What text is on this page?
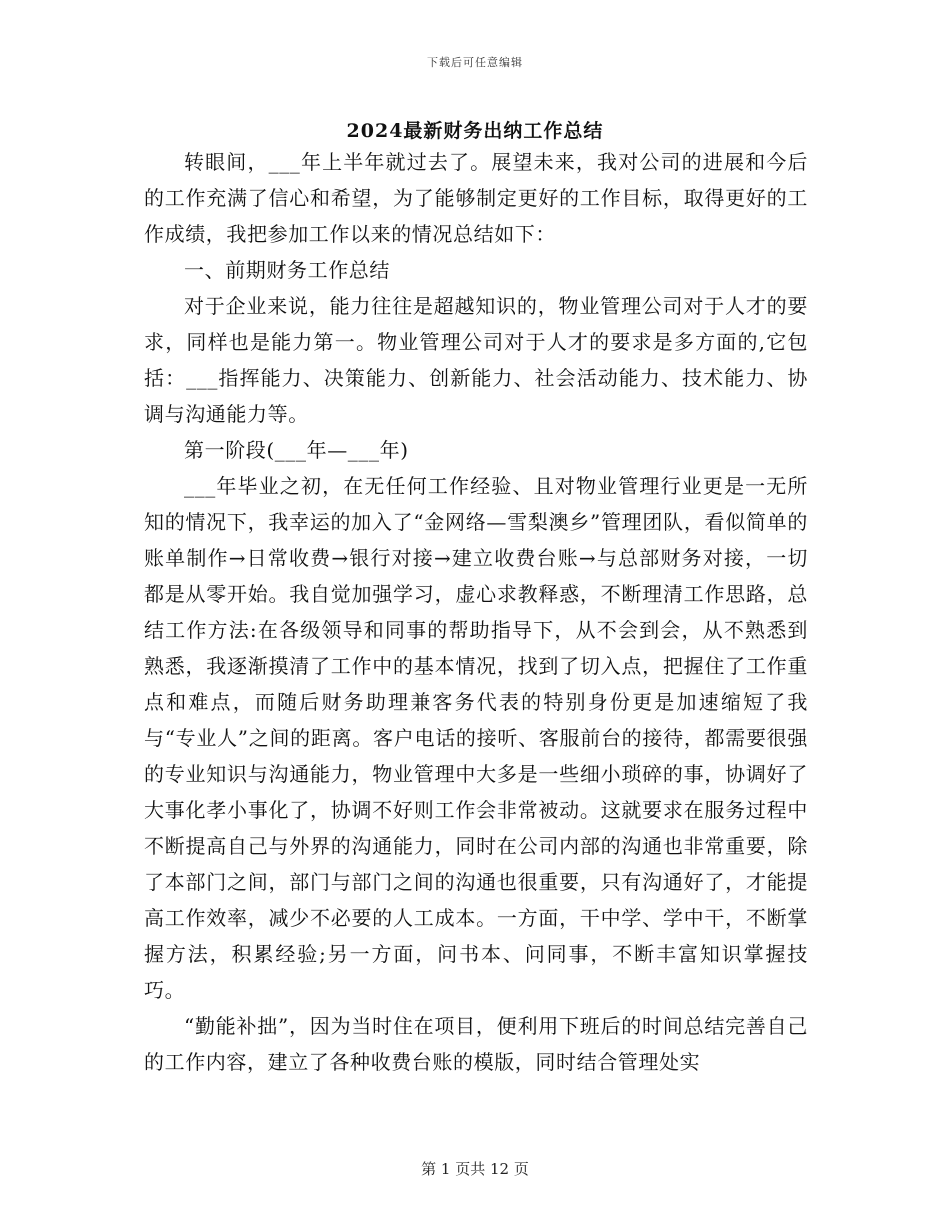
下载后可任意编辑
2024最新财务出纳工作总结

转眼间，___年上半年就过去了。展望未来，我对公司的进展和今后的工作充满了信心和希望，为了能够制定更好的工作目标，取得更好的工作成绩，我把参加工作以来的情况总结如下：

一、前期财务工作总结

对于企业来说，能力往往是超越知识的，物业管理公司对于人才的要求，同样也是能力第一。物业管理公司对于人才的要求是多方面的,它包括：___指挥能力、决策能力、创新能力、社会活动能力、技术能力、协调与沟通能力等。

第一阶段(___年—___年)

___年毕业之初，在无任何工作经验、且对物业管理行业更是一无所知的情况下，我幸运的加入了“金网络—雪梨澳乡”管理团队，看似简单的账单制作→日常收费→银行对接→建立收费台账→与总部财务对接，一切都是从零开始。我自觉加强学习，虚心求教释惑，不断理清工作思路，总结工作方法:在各级领导和同事的帮助指导下，从不会到会，从不熟悉到熟悉，我逐渐摸清了工作中的基本情况，找到了切入点，把握住了工作重点和难点，而随后财务助理兼客务代表的特别身份更是加速缩短了我与“专业人”之间的距离。客户电话的接听、客服前台的接待，都需要很强的专业知识与沟通能力，物业管理中大多是一些细小琐碎的事，协调好了大事化孝小事化了，协调不好则工作会非常被动。这就要求在服务过程中不断提高自己与外界的沟通能力，同时在公司内部的沟通也非常重要，除了本部门之间，部门与部门之间的沟通也很重要，只有沟通好了，才能提高工作效率，减少不必要的人工成本。一方面，干中学、学中干，不断掌握方法，积累经验;另一方面，问书本、问同事，不断丰富知识掌握技巧。

“勤能补拙”，因为当时住在项目，便利用下班后的时间总结完善自己的工作内容，建立了各种收费台账的模版，同时结合管理处实

第 1 页共 12 页
